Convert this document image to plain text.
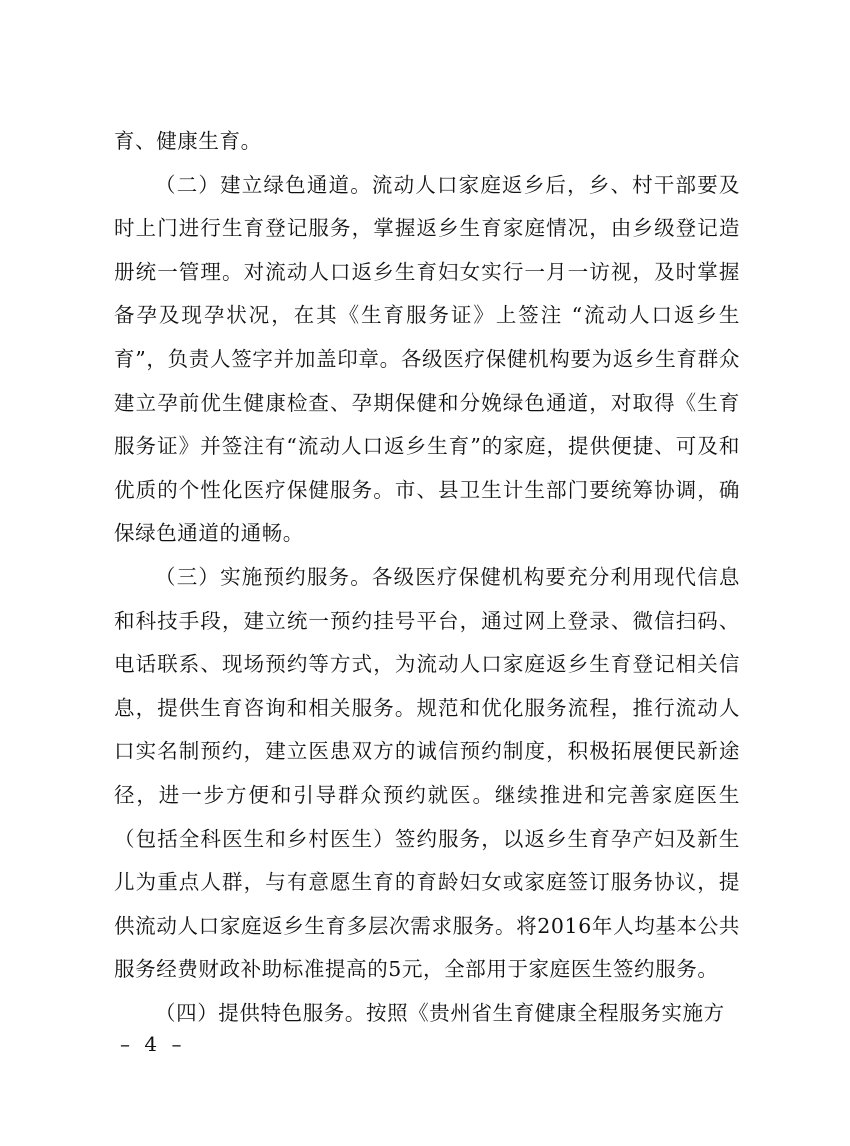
育、健康生育。

（二）建立绿色通道。流动人口家庭返乡后，乡、村干部要及时上门进行生育登记服务，掌握返乡生育家庭情况，由乡级登记造册统一管理。对流动人口返乡生育妇女实行一月一访视，及时掌握备孕及现孕状况，在其《生育服务证》上签注 “流动人口返乡生育”，负责人签字并加盖印章。各级医疗保健机构要为返乡生育群众建立孕前优生健康检查、孕期保健和分娩绿色通道，对取得《生育服务证》并签注有“流动人口返乡生育”的家庭，提供便捷、可及和优质的个性化医疗保健服务。市、县卫生计生部门要统筹协调，确保绿色通道的通畅。

（三）实施预约服务。各级医疗保健机构要充分利用现代信息和科技手段，建立统一预约挂号平台，通过网上登录、微信扫码、电话联系、现场预约等方式，为流动人口家庭返乡生育登记相关信息，提供生育咨询和相关服务。规范和优化服务流程，推行流动人口实名制预约，建立医患双方的诚信预约制度，积极拓展便民新途径，进一步方便和引导群众预约就医。继续推进和完善家庭医生（包括全科医生和乡村医生）签约服务，以返乡生育孕产妇及新生儿为重点人群，与有意愿生育的育龄妇女或家庭签订服务协议，提供流动人口家庭返乡生育多层次需求服务。将2016年人均基本公共服务经费财政补助标准提高的5元，全部用于家庭医生签约服务。

（四）提供特色服务。按照《贵州省生育健康全程服务实施方

– 4 –
